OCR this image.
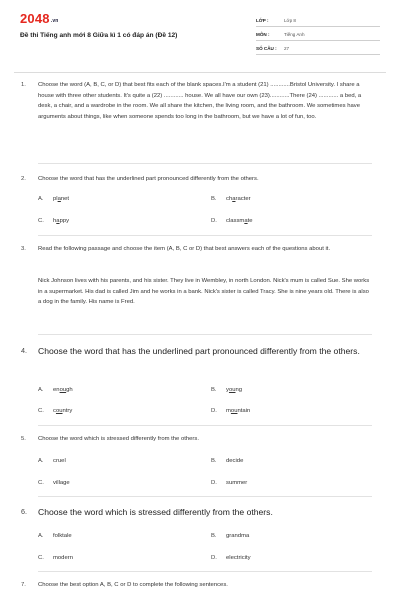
2048.vn
Đề thi Tiếng anh mới 8 Giữa kì 1 có đáp án (Đề 12)
LỚP :	Lớp 8
MÔN :	Tiếng Anh
SỐ CÂU : 27
1. Choose the word (A, B, C, or D) that best fits each of the blank spaces.I'm a student (21) ............Bristol University. I share a house with three other students. It's quite a (22) ............ house. We all have our own (23)............There (24) ............ a bed, a desk, a chair, and a wardrobe in the room. We all share the kitchen, the living room, and the bathroom. We sometimes have arguments about things, like when someone spends too long in the bathroom, but we have a lot of fun, too.
2. Choose the word that has the underlined part pronounced differently from the others.
A. planet	B. character
C. happy	D. classmate
3. Read the following passage and choose the item (A, B, C or D) that best answers each of the questions about it.
Nick Johnson lives with his parents, and his sister. They live in Wembley, in north London. Nick's mum is called Sue. She works in a supermarket. His dad is called Jim and he works in a bank. Nick's sister is called Tracy. She is nine years old. There is also a dog in the family. His name is Fred.
4. Choose the word that has the underlined part pronounced differently from the others.
A. enough	B. young
C. country	D. mountain
5. Choose the word which is stressed differently from the others.
A. cruel	B. decide
C. village	D. summer
6. Choose the word which is stressed differently from the others.
A. folktale	B. grandma
C. modern	D. electricity
7. Choose the best option A, B, C or D to complete the following sentences.
